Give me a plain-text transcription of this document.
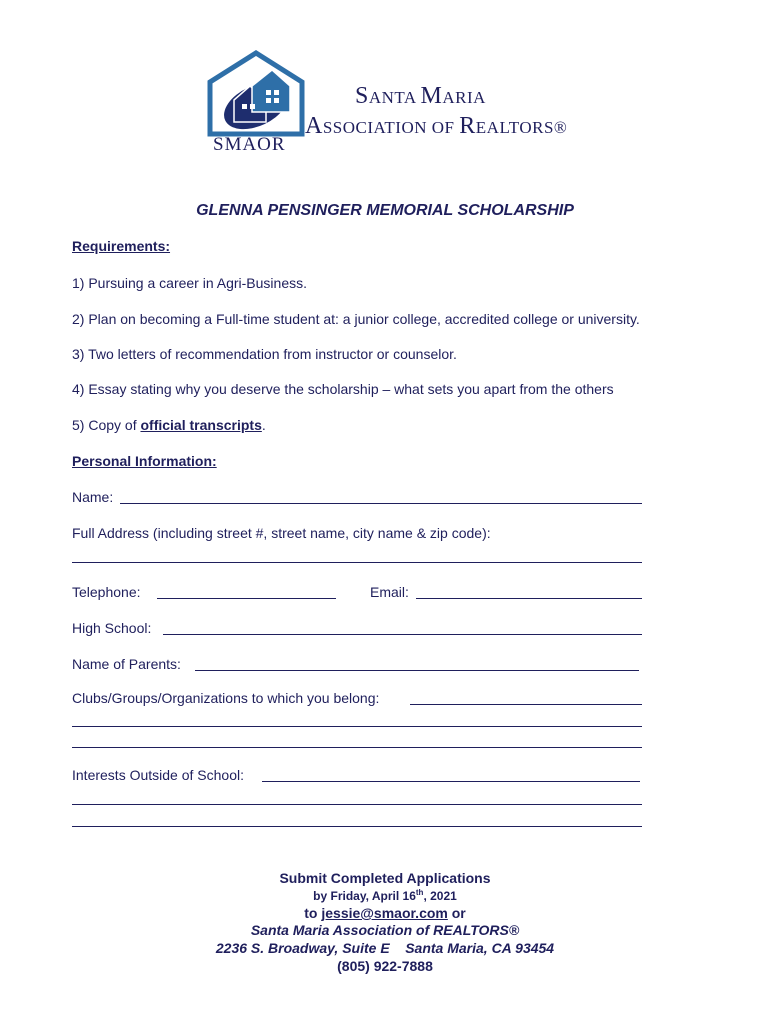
SANTA MARIA
ASSOCIATION OF REALTORS®
SMAOR
GLENNA PENSINGER MEMORIAL SCHOLARSHIP
Requirements:
1) Pursuing a career in Agri-Business.
2) Plan on becoming a Full-time student at: a junior college, accredited college or university.
3) Two letters of recommendation from instructor or counselor.
4) Essay stating why you deserve the scholarship – what sets you apart from the others
5) Copy of official transcripts.
Personal Information:
Name:
Full Address (including street #, street name, city name & zip code):
Telephone:	Email:
High School:
Name of Parents:
Clubs/Groups/Organizations to which you belong:
Interests Outside of School:
Submit Completed Applications
by Friday, April 16th, 2021
to jessie@smaor.com or
Santa Maria Association of REALTORS®
2236 S. Broadway, Suite E    Santa Maria, CA 93454
(805) 922-7888
